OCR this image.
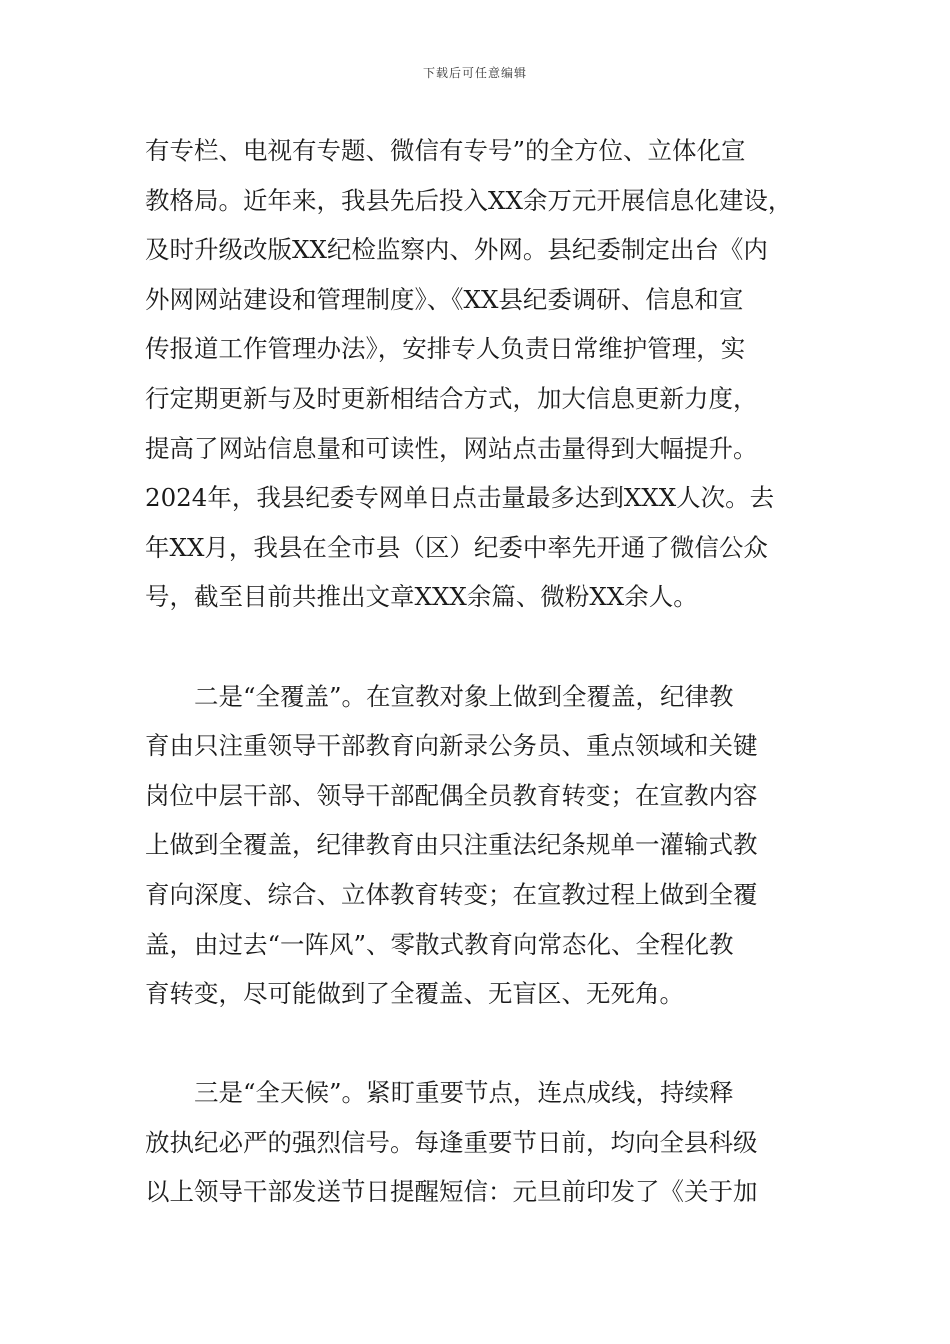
下载后可任意编辑
有专栏、电视有专题、微信有专号”的全方位、立体化宣
教格局。近年来，我县先后投入XX余万元开展信息化建设，
及时升级改版XX纪检监察内、外网。县纪委制定出台《内
外网网站建设和管理制度》、《XX县纪委调研、信息和宣
传报道工作管理办法》，安排专人负责日常维护管理，实
行定期更新与及时更新相结合方式，加大信息更新力度，
提高了网站信息量和可读性，网站点击量得到大幅提升。
2024年，我县纪委专网单日点击量最多达到XXX人次。去
年XX月，我县在全市县（区）纪委中率先开通了微信公众
号，截至目前共推出文章XXX余篇、微粉XX余人。
　　二是“全覆盖”。在宣教对象上做到全覆盖，纪律教
育由只注重领导干部教育向新录公务员、重点领域和关键
岗位中层干部、领导干部配偶全员教育转变；在宣教内容
上做到全覆盖，纪律教育由只注重法纪条规单一灌输式教
育向深度、综合、立体教育转变；在宣教过程上做到全覆
盖，由过去“一阵风”、零散式教育向常态化、全程化教
育转变，尽可能做到了全覆盖、无盲区、无死角。
　　三是“全天候”。紧盯重要节点，连点成线，持续释
放执纪必严的强烈信号。每逢重要节日前，均向全县科级
以上领导干部发送节日提醒短信：元旦前印发了《关于加
